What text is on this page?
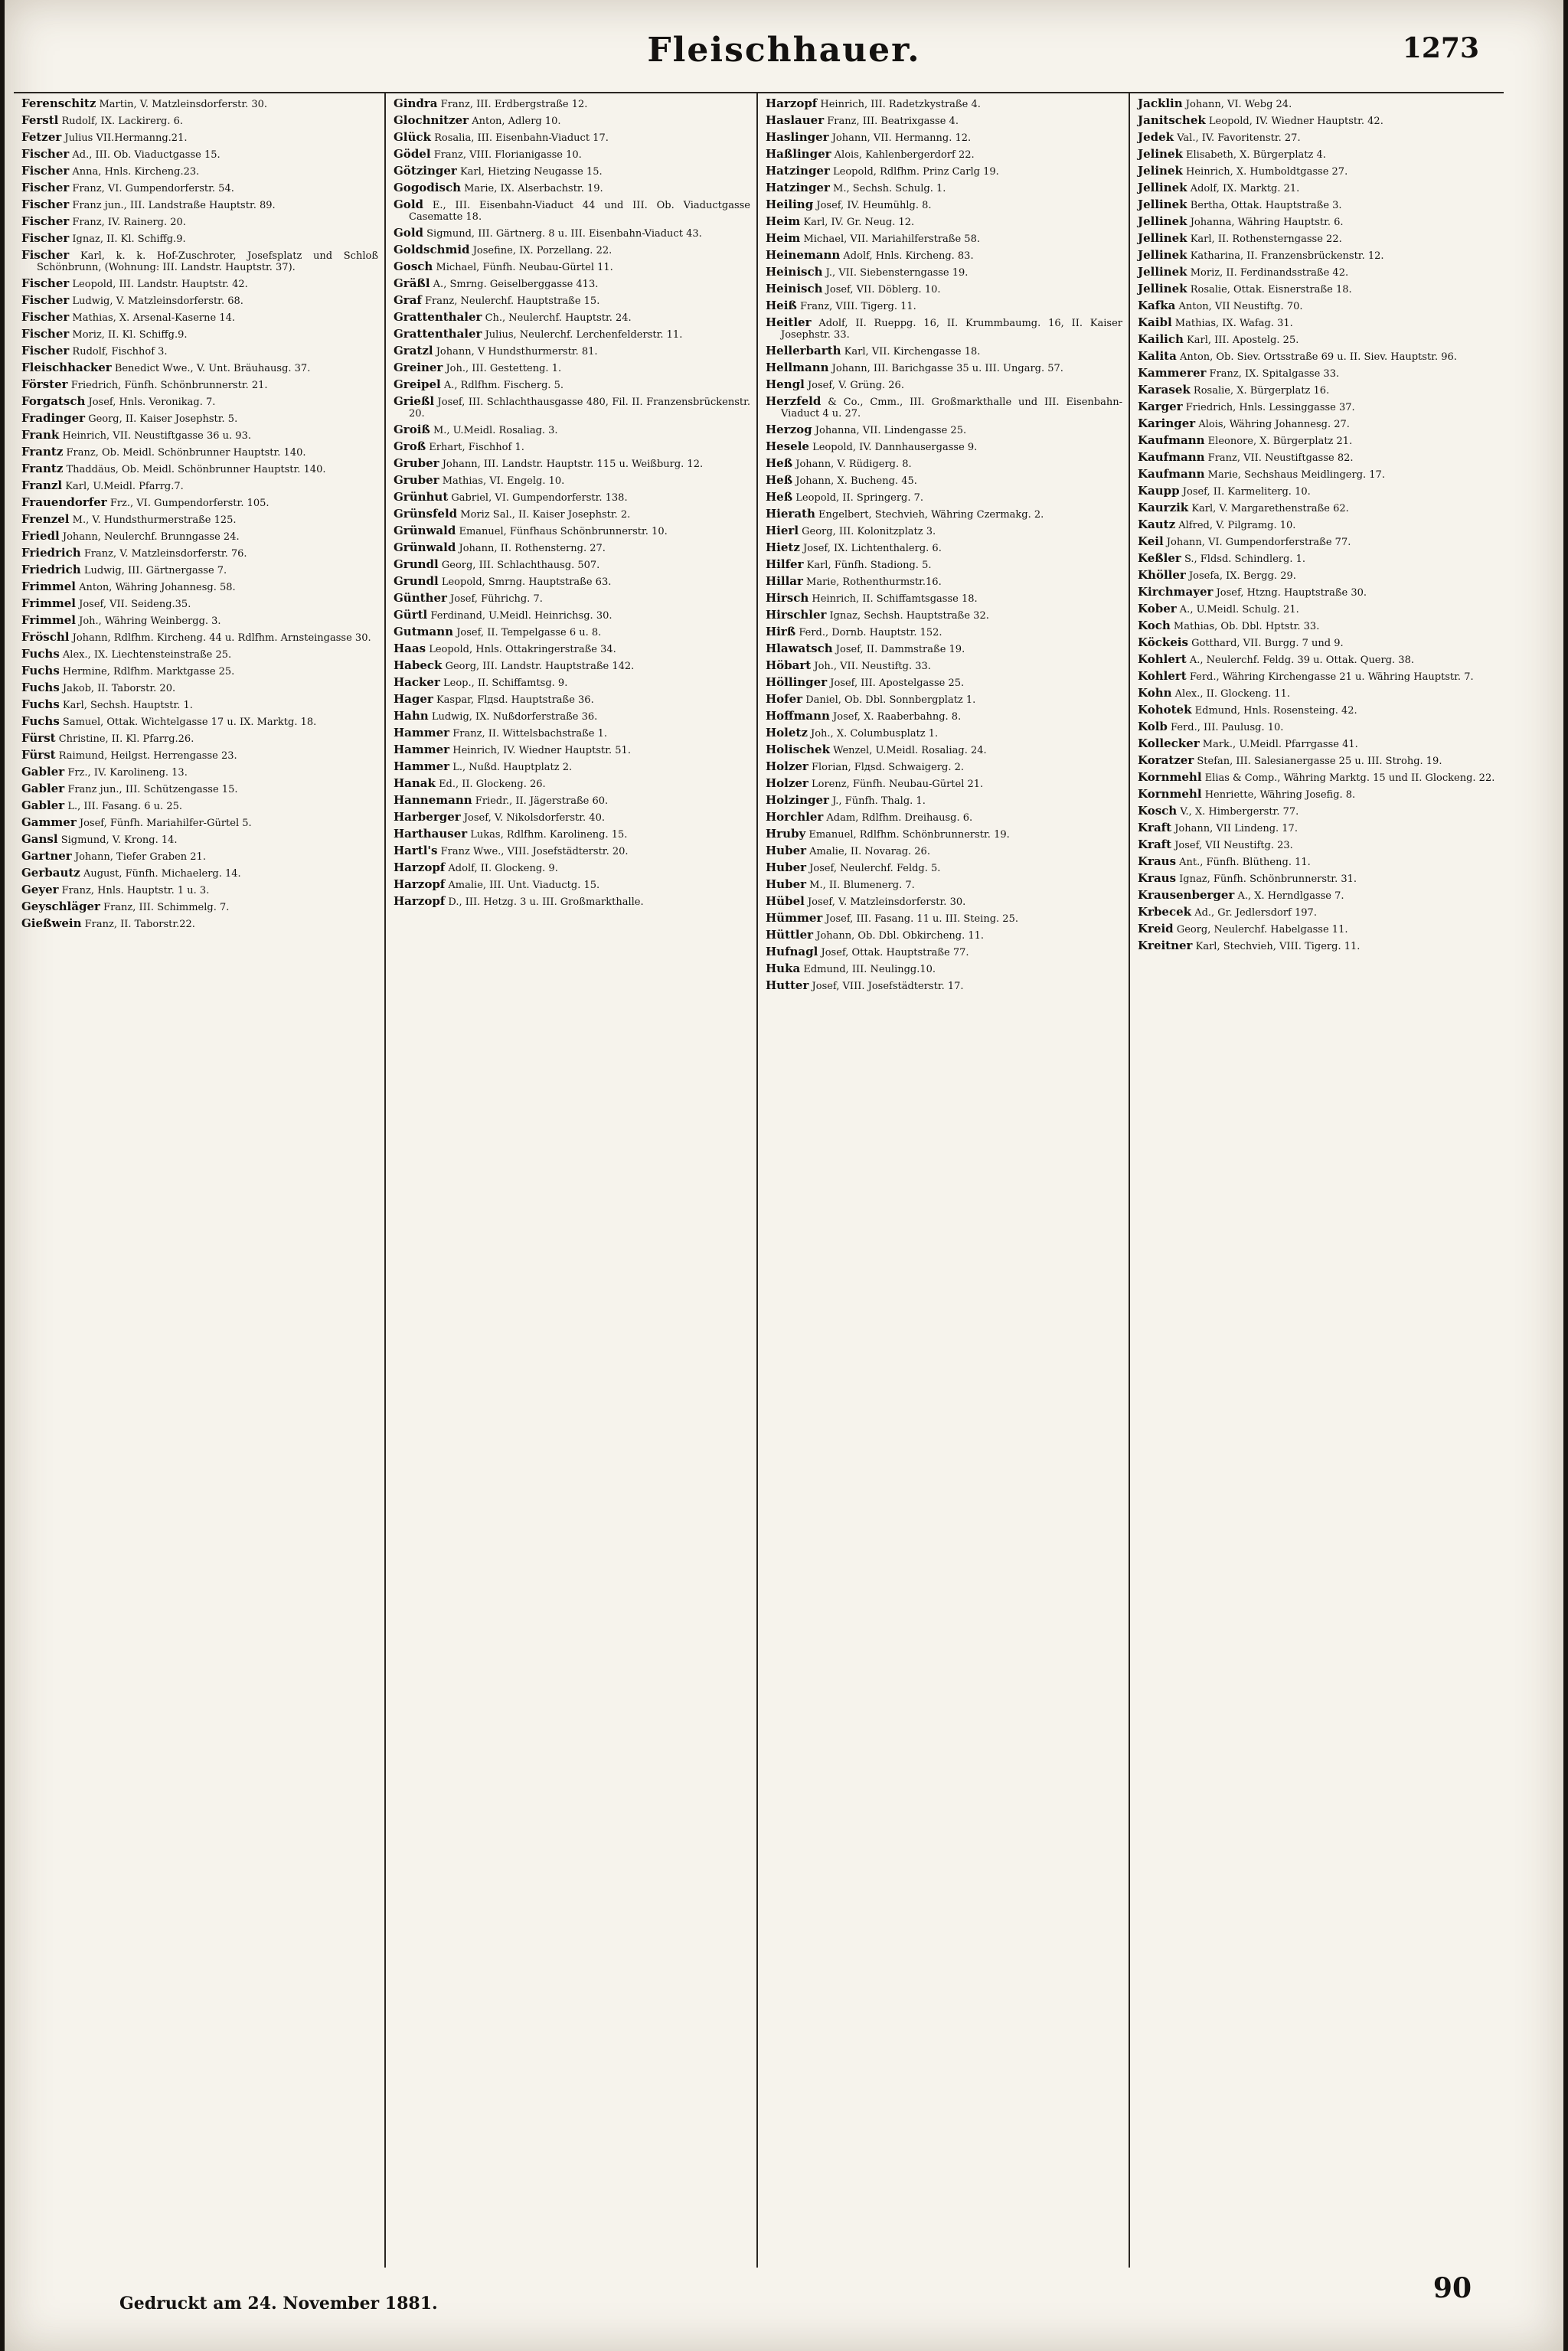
Fleischhauer.	1273
Ferenschitz Martin, V. Matzleinsdorferstr. 30.
Ferstl Rudolf, IX. Lackirerg. 6.
Fetzer Julius VII.Hermanng.21.
Fischer Ad., III. Ob. Viaductgasse 15.
Fischer Anna, Hnls. Kircheng.23.
Fischer Franz, VI. Gumpendorferstr. 54.
Fischer Franz jun., III. Landstraße Hauptstr. 89.
Fischer Franz, IV. Rainerg. 20.
Fischer Ignaz, II. Kl. Schiffg.9.
Fischer Karl, k. k. Hof-Zuschroter, Josefsplatz und Schloß Schönbrunn, (Wohnung: III. Landstr. Hauptstr. 37).
Fischer Leopold, III. Landstr. Hauptstr. 42.
Fischer Ludwig, V. Matzleinsdorferstr. 68.
Fischer Mathias, X. Arsenal-Kaserne 14.
Fischer Moriz, II. Kl. Schiffg.9.
Fischer Rudolf, Fischhof 3.
Fleischhacker Benedict Wwe., V. Unt. Bräuhausg. 37.
Förster Friedrich, Fünfh. Schönbrunnerstr. 21.
Forgatsch Josef, Hnls. Veronikag. 7.
Fradinger Georg, II. Kaiser Josephstr. 5.
Frank Heinrich, VII. Neustiftgasse 36 u. 93.
Frantz Franz, Ob. Meidl. Schönbrunner Hauptstr. 140.
Frantz Thaddäus, Ob. Meidl. Schönbrunner Hauptstr. 140.
Franzl Karl, U.Meidl. Pfarrg.7.
Frauendorfer Frz., VI. Gumpendorferstr. 105.
Frenzel M., V. Hundsthurmerstraße 125.
Friedl Johann, Neulerchf. Brunngasse 24.
Friedrich Franz, V. Matzleinsdorferstr. 76.
Friedrich Ludwig, III. Gärtnergasse 7.
Frimmel Anton, Währing Johannesg. 58.
Frimmel Josef, VII. Seideng.35.
Frimmel Joh., Währing Weinbergg. 3.
Fröschl Johann, Rdlfhm. Kircheng. 44 u. Rdlfhm. Arnsteingasse 30.
Fuchs Alex., IX. Liechtensteinstraße 25.
Fuchs Hermine, Rdlfhm. Marktgasse 25.
Fuchs Jakob, II. Taborstr. 20.
Fuchs Karl, Sechsh. Hauptstr. 1.
Fuchs Samuel, Ottak. Wichtelgasse 17 u. IX. Marktg. 18.
Fürst Christine, II. Kl. Pfarrg.26.
Fürst Raimund, Heilgst. Herrengasse 23.
Gabler Frz., IV. Karolineng. 13.
Gabler Franz jun., III. Schützengasse 15.
Gabler L., III. Fasang. 6 u. 25.
Gammer Josef, Fünfh. Mariahilfer-Gürtel 5.
Gansl Sigmund, V. Krong. 14.
Gartner Johann, Tiefer Graben 21.
Gerbautz August, Fünfh. Michaelerg. 14.
Geyer Franz, Hnls. Hauptstr. 1 u. 3.
Geyschläger Franz, III. Schimmelg. 7.
Gießwein Franz, II. Taborstr.22.
Gindra Franz, III. Erdbergstraße 12.
Glochnitzer Anton, Adlerg 10.
Glück Rosalia, III. Eisenbahn-Viaduct 17.
Gödel Franz, VIII. Florianigasse 10.
Götzinger Karl, Hietzing Neugasse 15.
Gogodisch Marie, IX. Alserbachstr. 19.
Gold E., III. Eisenbahn-Viaduct 44 und III. Ob. Viaductgasse Casematte 18.
Gold Sigmund, III. Gärtnerg. 8 u. III. Eisenbahn-Viaduct 43.
Goldschmid Josefine, IX. Porzellang. 22.
Gosch Michael, Fünfh. Neubau-Gürtel 11.
Gräßl A., Smrng. Geiselberggasse 413.
Graf Franz, Neulerchf. Hauptstraße 15.
Grattenthaler Ch., Neulerchf. Hauptstr. 24.
Grattenthaler Julius, Neulerchf. Lerchenfelderstr. 11.
Gratzl Johann, V Hundsthurmerstr. 81.
Greiner Joh., III. Gestetteng. 1.
Greipel A., Rdlfhm. Fischerg. 5.
Grießl Josef, III. Schlachthausgasse 480, Fil. II. Franzensbrückenstr. 20.
Groiß M., U.Meidl. Rosaliag. 3.
Groß Erhart, Fischhof 1.
Gruber Johann, III. Landstr. Hauptstr. 115 u. Weißburg. 12.
Gruber Mathias, VI. Engelg. 10.
Grünhut Gabriel, VI. Gumpendorferstr. 138.
Grünsfeld Moriz Sal., II. Kaiser Josephstr. 2.
Grünwald Emanuel, Fünfhaus Schönbrunnerstr. 10.
Grünwald Johann, II. Rothensterng. 27.
Grundl Georg, III. Schlachthausg. 507.
Grundl Leopold, Smrng. Hauptstraße 63.
Günther Josef, Führichg. 7.
Gürtl Ferdinand, U.Meidl. Heinrichsg. 30.
Gutmann Josef, II. Tempelgasse 6 u. 8.
Haas Leopold, Hnls. Ottakringerstraße 34.
Habeck Georg, III. Landstr. Hauptstraße 142.
Hacker Leop., II. Schiffamtsg. 9.
Hager Kaspar, Flдsd. Hauptstraße 36.
Hahn Ludwig, IX. Nußdorferstraße 36.
Hammer Franz, II. Wittelsbachstraße 1.
Hammer Heinrich, IV. Wiedner Hauptstr. 51.
Hammer L., Nußd. Hauptplatz 2.
Hanak Ed., II. Glockeng. 26.
Hannemann Friedr., II. Jägerstraße 60.
Harberger Josef, V. Nikolsdorferstr. 40.
Harthauser Lukas, Rdlfhm. Karolineng. 15.
Hartl's Franz Wwe., VIII. Josefstädterstr. 20.
Harzopf Adolf, II. Glockeng. 9.
Harzopf Amalie, III. Unt. Viaductg. 15.
Harzopf D., III. Hetzg. 3 u. III. Großmarkthalle.
Harzopf Heinrich, III. Radetzkystraße 4.
Haslauer Franz, III. Beatrixgasse 4.
Haslinger Johann, VII. Hermanng. 12.
Haßlinger Alois, Kahlenbergerdorf 22.
Hatzinger Leopold, Rdlfhm. Prinz Carlg 19.
Hatzinger M., Sechsh. Schulg. 1.
Heiling Josef, IV. Heumühlg. 8.
Heim Karl, IV. Gr. Neug. 12.
Heim Michael, VII. Mariahilferstraße 58.
Heinemann Adolf, Hnls. Kircheng. 83.
Heinisch J., VII. Siebensterngasse 19.
Heinisch Josef, VII. Döblerg. 10.
Heiß Franz, VIII. Tigerg. 11.
Heitler Adolf, II. Rueppg. 16, II. Krummbaumg. 16, II. Kaiser Josephstr. 33.
Hellerbarth Karl, VII. Kirchengasse 18.
Hellmann Johann, III. Barichgasse 35 u. III. Ungarg. 57.
Hengl Josef, V. Grüng. 26.
Herzfeld & Co., Cmm., III. Großmarkthalle und III. Eisenbahn-Viaduct 4 u. 27.
Herzog Johanna, VII. Lindengasse 25.
Hesele Leopold, IV. Dannhausergasse 9.
Heß Johann, V. Rüdigerg. 8.
Heß Johann, X. Bucheng. 45.
Heß Leopold, II. Springerg. 7.
Hierath Engelbert, Stechvieh, Währing Czermakg. 2.
Hierl Georg, III. Kolonitzplatz 3.
Hietz Josef, IX. Lichtenthalerg. 6.
Hilfer Karl, Fünfh. Stadiong. 5.
Hillar Marie, Rothenthurmstr.16.
Hirsch Heinrich, II. Schiffamtsgasse 18.
Hirschler Ignaz, Sechsh. Hauptstraße 32.
Hirß Ferd., Dornb. Hauptstr. 152.
Hlawatsch Josef, II. Dammstraße 19.
Höbart Joh., VII. Neustiftg. 33.
Höllinger Josef, III. Apostelgasse 25.
Hofer Daniel, Ob. Dbl. Sonnbergplatz 1.
Hoffmann Josef, X. Raaberbahng. 8.
Holetz Joh., X. Columbusplatz 1.
Holischek Wenzel, U.Meidl. Rosaliag. 24.
Holzer Florian, Flдsd. Schwaigerg. 2.
Holzer Lorenz, Fünfh. Neubau-Gürtel 21.
Holzinger J., Fünfh. Thalg. 1.
Horchler Adam, Rdlfhm. Dreihausg. 6.
Hruby Emanuel, Rdlfhm. Schönbrunnerstr. 19.
Huber Amalie, II. Novarag. 26.
Huber Josef, Neulerchf. Feldg. 5.
Huber M., II. Blumenerg. 7.
Hübel Josef, V. Matzleinsdorferstr. 30.
Hümmer Josef, III. Fasang. 11 u. III. Steing. 25.
Hüttler Johann, Ob. Dbl. Obkircheng. 11.
Hufnagl Josef, Ottak. Hauptstraße 77.
Huka Edmund, III. Neulingg.10.
Hutter Josef, VIII. Josefstädterstr. 17.
Jacklin Johann, VI. Webg 24.
Janitschek Leopold, IV. Wiedner Hauptstr. 42.
Jedek Val., IV. Favoritenstr. 27.
Jelinek Elisabeth, X. Bürgerplatz 4.
Jelinek Heinrich, X. Humboldtgasse 27.
Jellinek Adolf, IX. Marktg. 21.
Jellinek Bertha, Ottak. Hauptstraße 3.
Jellinek Johanna, Währing Hauptstr. 6.
Jellinek Karl, II. Rothensterngasse 22.
Jellinek Katharina, II. Franzensbrückenstr. 12.
Jellinek Moriz, II. Ferdinandsstraße 42.
Jellinek Rosalie, Ottak. Eisnerstraße 18.
Kafka Anton, VII Neustiftg. 70.
Kaibl Mathias, IX. Wafag. 31.
Kailich Karl, III. Apostelg. 25.
Kalita Anton, Ob. Siev. Ortsstraße 69 u. II. Siev. Hauptstr. 96.
Kammerer Franz, IX. Spitalgasse 33.
Karasek Rosalie, X. Bürgerplatz 16.
Karger Friedrich, Hnls. Lessinggasse 37.
Karinger Alois, Währing Johannesg. 27.
Kaufmann Eleonore, X. Bürgerplatz 21.
Kaufmann Franz, VII. Neustiftgasse 82.
Kaufmann Marie, Sechshaus Meidlingerg. 17.
Kaupp Josef, II. Karmeliterg. 10.
Kaurzik Karl, V. Margarethenstraße 62.
Kautz Alfred, V. Pilgramg. 10.
Keil Johann, VI. Gumpendorferstraße 77.
Keßler S., Fldsd. Schindlerg. 1.
Khöller Josefa, IX. Bergg. 29.
Kirchmayer Josef, Htzng. Hauptstraße 30.
Kober A., U.Meidl. Schulg. 21.
Koch Mathias, Ob. Dbl. Hptstr. 33.
Köckeis Gotthard, VII. Burgg. 7 und 9.
Kohlert A., Neulerchf. Feldg. 39 u. Ottak. Querg. 38.
Kohlert Ferd., Währing Kirchengasse 21 u. Währing Hauptstr. 7.
Kohn Alex., II. Glockeng. 11.
Kohotek Edmund, Hnls. Rosensteing. 42.
Kolb Ferd., III. Paulusg. 10.
Kollecker Mark., U.Meidl. Pfarrgasse 41.
Koratzer Stefan, III. Salesianergasse 25 u. III. Strohg. 19.
Kornmehl Elias & Comp., Währing Marktg. 15 und II. Glockeng. 22.
Kornmehl Henriette, Währing Josefig. 8.
Kosch V., X. Himbergerstr. 77.
Kraft Johann, VII Lindeng. 17.
Kraft Josef, VII Neustiftg. 23.
Kraus Ant., Fünfh. Blütheng. 11.
Kraus Ignaz, Fünfh. Schönbrunnerstr. 31.
Krausenberger A., X. Herndlgasse 7.
Krbecek Ad., Gr. Jedlersdorf 197.
Kreid Georg, Neulerchf. Habelgasse 11.
Kreitner Karl, Stechvieh, VIII. Tigerg. 11.
Gedruckt am 24. November 1881.	90
